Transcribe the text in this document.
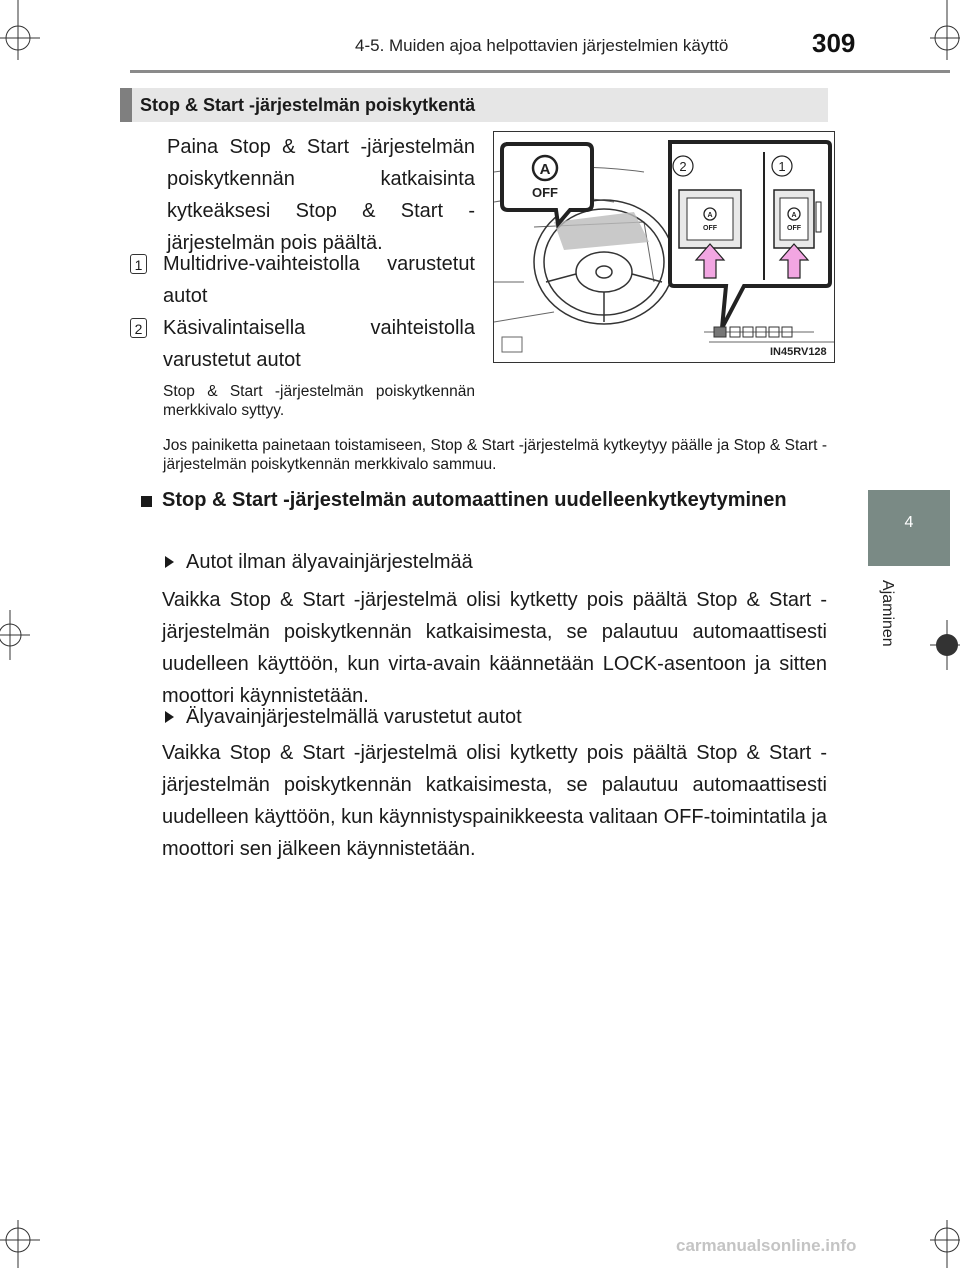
4-5. Muiden ajoa helpottavien järjestelmien käyttö	309
4
Ajaminen
Stop & Start -järjestelmän poiskytkentä
Paina Stop & Start -järjestelmän poiskytkennän katkaisinta kytkeäksesi Stop & Start -järjestelmän pois päältä.
1 Multidrive-vaihteistolla varustetut autot
2 Käsivalintaisella vaihteistolla varustetut autot
Stop & Start -järjestelmän poiskytkennän merkkivalo syttyy.
Jos painiketta painetaan toistamiseen, Stop & Start -järjestelmä kytkeytyy päälle ja Stop & Start -järjestelmän poiskytkennän merkkivalo sammuu.
A
OFF
2	1
A
OFF
A
OFF
IN45RV128
Stop & Start -järjestelmän automaattinen uudelleenkytkeytyminen
Autot ilman älyavainjärjestelmää
Vaikka Stop & Start -järjestelmä olisi kytketty pois päältä Stop & Start -järjestelmän poiskytkennän katkaisimesta, se palautuu automaattisesti uudelleen käyttöön, kun virta-avain käännetään LOCK-asentoon ja sitten moottori käynnistetään.
Älyavainjärjestelmällä varustetut autot
Vaikka Stop & Start -järjestelmä olisi kytketty pois päältä Stop & Start -järjestelmän poiskytkennän katkaisimesta, se palautuu automaattisesti uudelleen käyttöön, kun käynnistyspainikkeesta valitaan OFF-toimintatila ja moottori sen jälkeen käynnistetään.
carmanualsonline.info
